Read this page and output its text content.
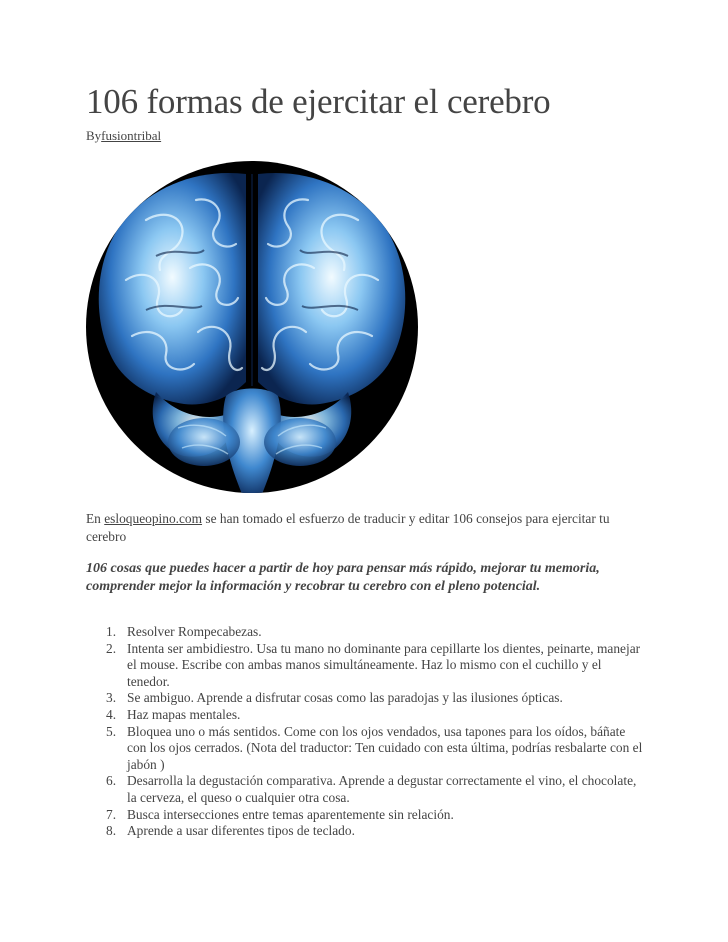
106 formas de ejercitar el cerebro
Byfusiontribal
En esloqueopino.com se han tomado el esfuerzo de traducir y editar 106 consejos para ejercitar tu cerebro
106 cosas que puedes hacer a partir de hoy para pensar más rápido, mejorar tu memoria, comprender mejor la información y recobrar tu cerebro con el pleno potencial.
1. Resolver Rompecabezas.
2. Intenta ser ambidiestro. Usa tu mano no dominante para cepillarte los dientes, peinarte, manejar el mouse. Escribe con ambas manos simultáneamente. Haz lo mismo con el cuchillo y el tenedor.
3. Se ambiguo. Aprende a disfrutar cosas como las paradojas y las ilusiones ópticas.
4. Haz mapas mentales.
5. Bloquea uno o más sentidos. Come con los ojos vendados, usa tapones para los oídos, báñate con los ojos cerrados. (Nota del traductor: Ten cuidado con esta última, podrías resbalarte con el jabón )
6. Desarrolla la degustación comparativa. Aprende a degustar correctamente el vino, el chocolate, la cerveza, el queso o cualquier otra cosa.
7. Busca intersecciones entre temas aparentemente sin relación.
8. Aprende a usar diferentes tipos de teclado.
